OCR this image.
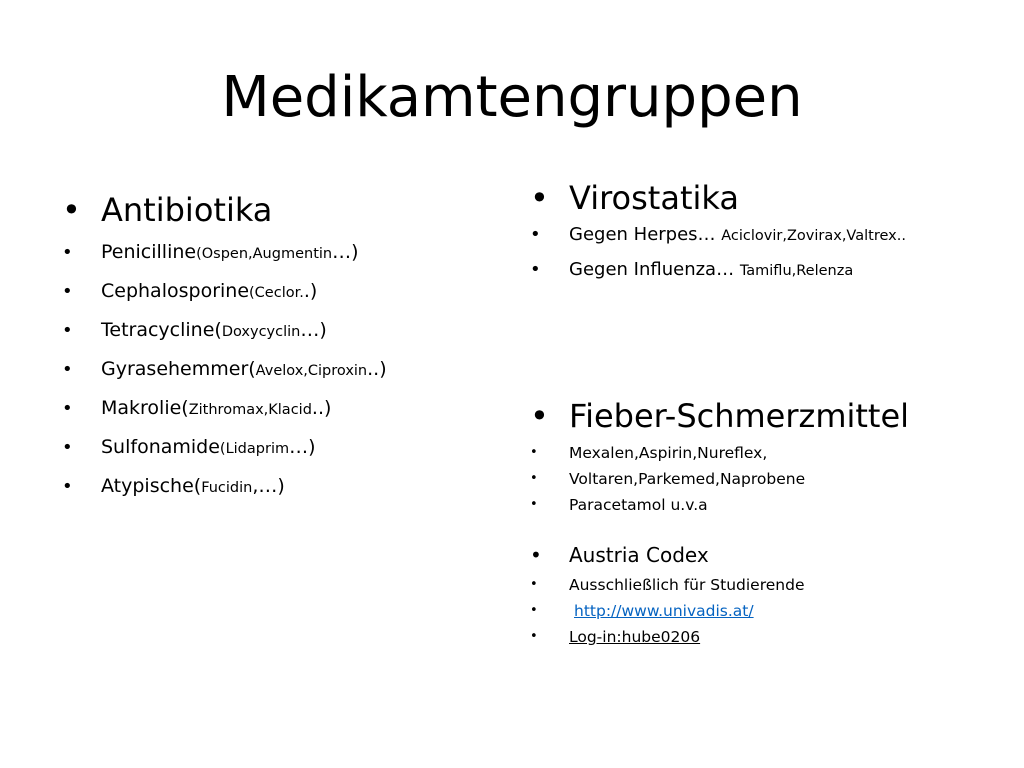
Medikamtengruppen
• Antibiotika
• Penicilline(Ospen,Augmentin…)
• Cephalosporine(Ceclor..)
• Tetracycline(Doxycyclin…)
• Gyrasehemmer(Avelox,Ciproxin..)
• Makrolie(Zithromax,Klacid..)
• Sulfonamide(Lidaprim…)
• Atypische(Fucidin,…)
• Virostatika
• Gegen Herpes… Aciclovir,Zovirax,Valtrex..
• Gegen Influenza… Tamiflu,Relenza
• Fieber-Schmerzmittel
• Mexalen,Aspirin,Nureflex,
• Voltaren,Parkemed,Naprobene
• Paracetamol u.v.a
• Austria Codex
• Ausschließlich für Studierende
• http://www.univadis.at/
• Log-in:hube0206
